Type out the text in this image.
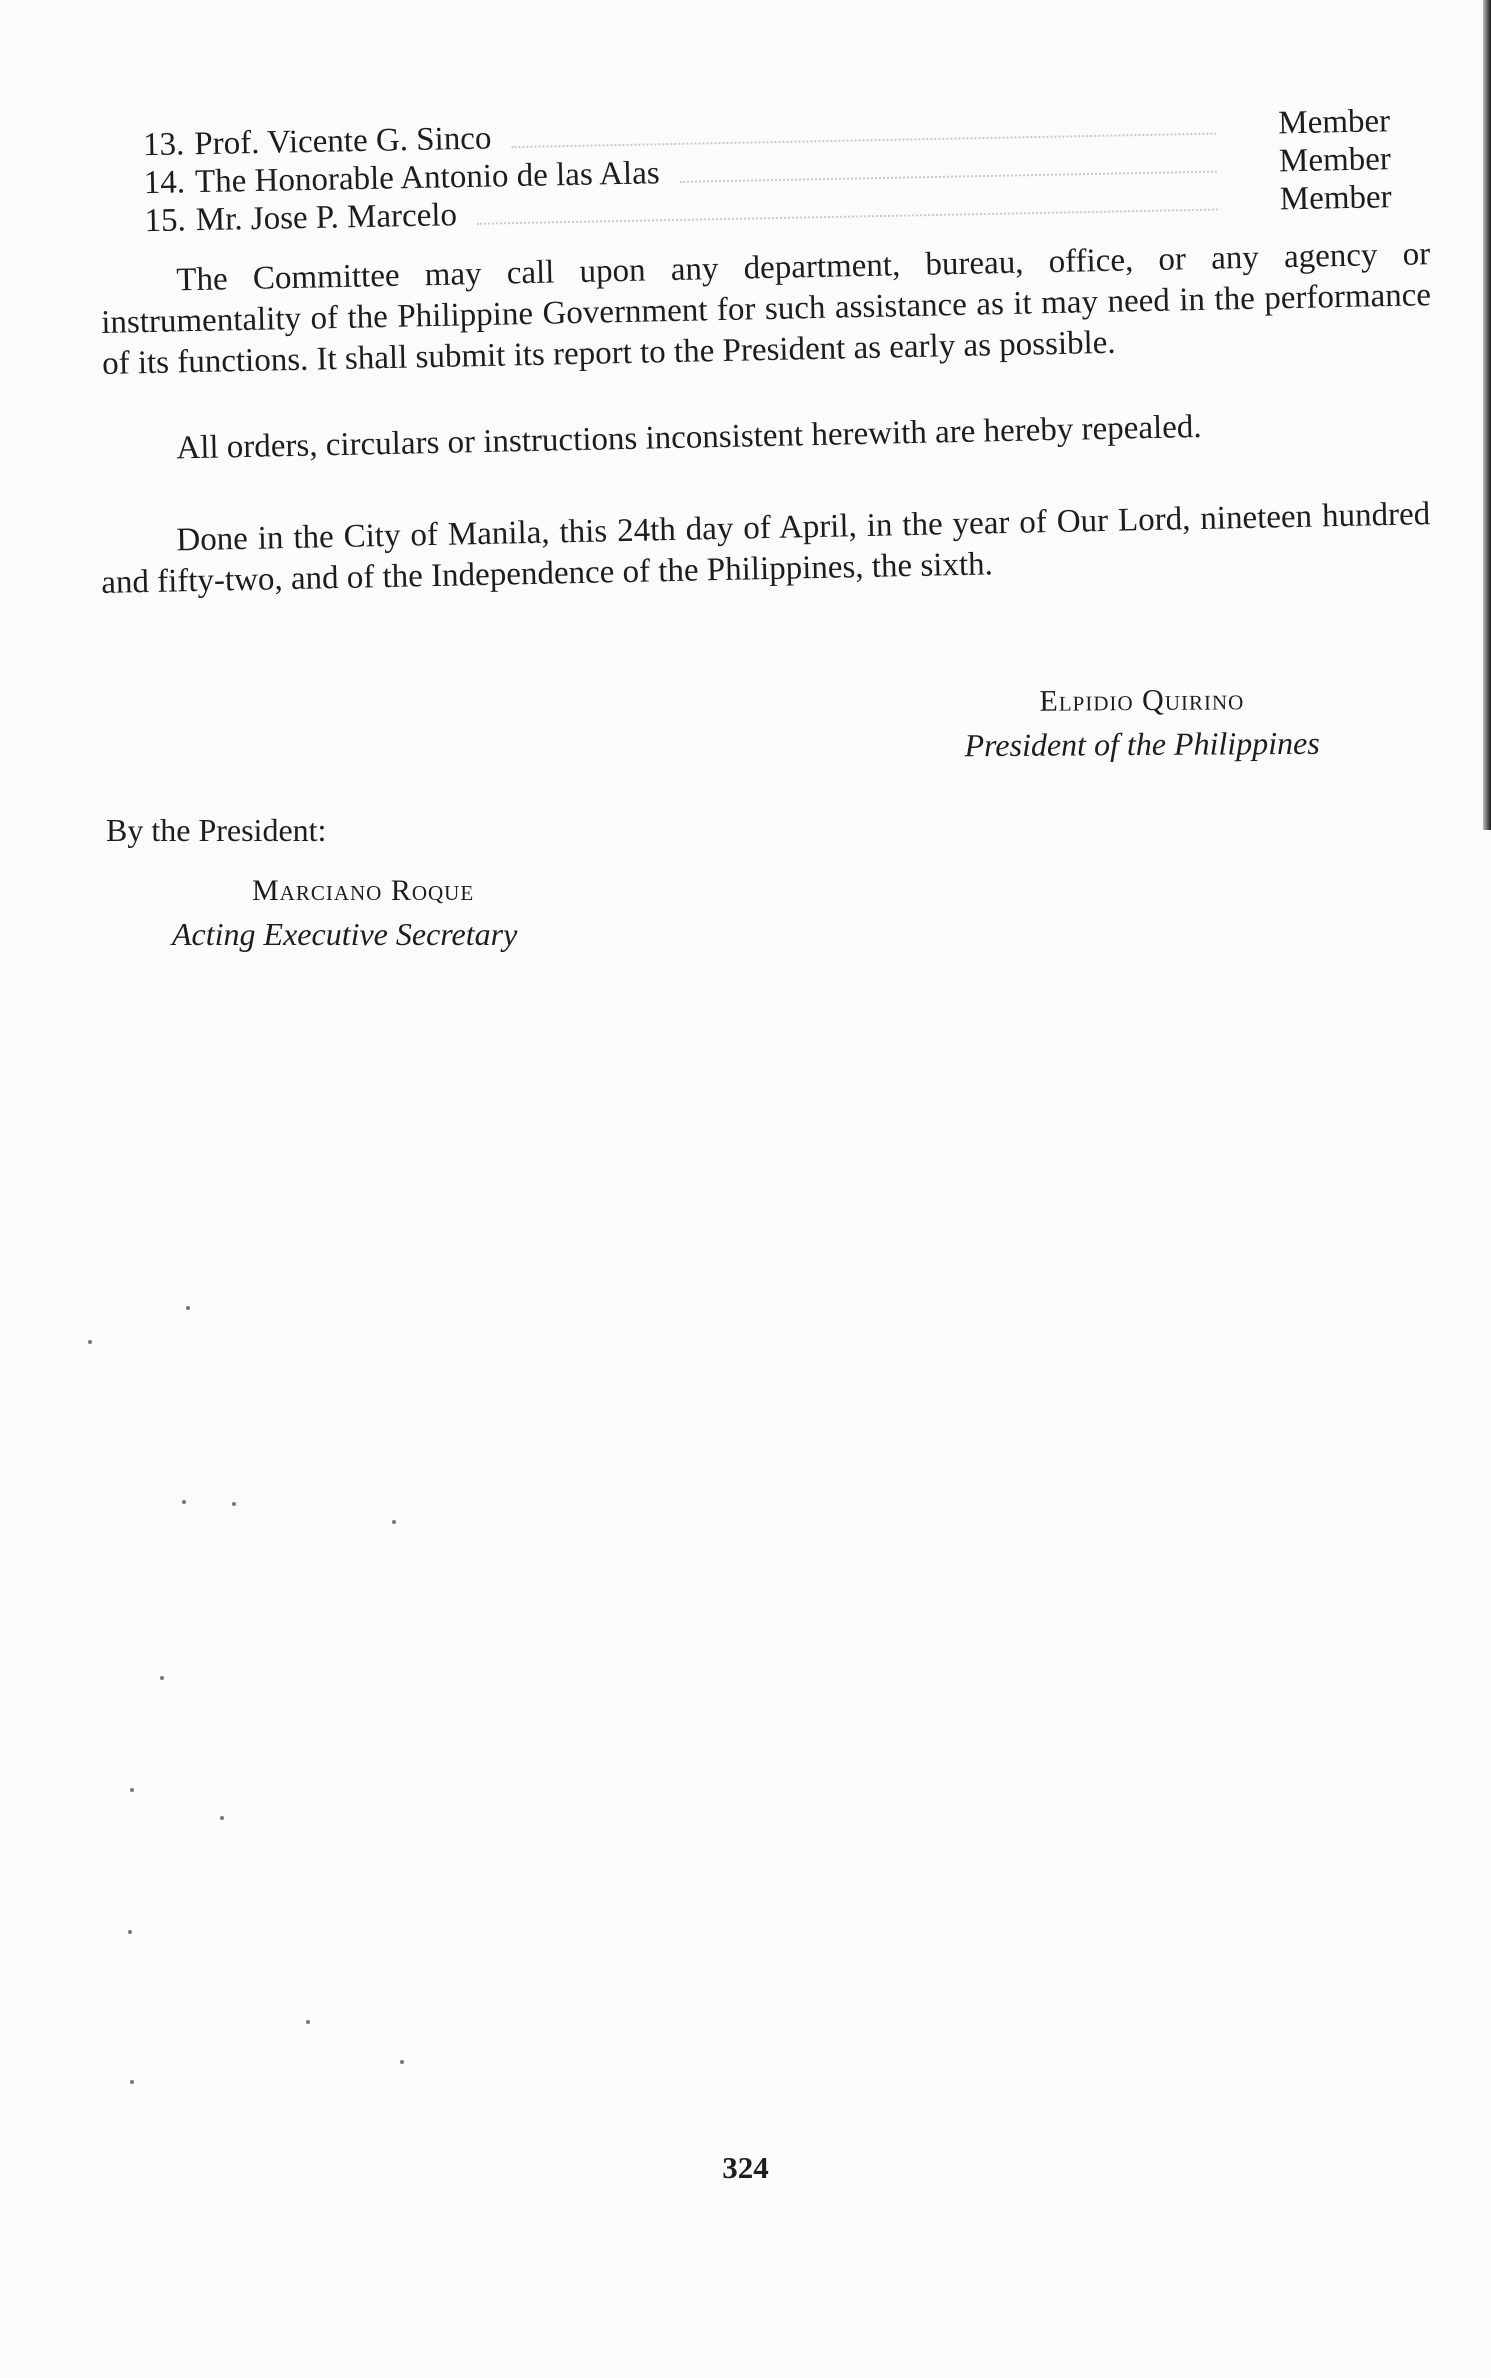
13. Prof. Vicente G. Sinco	Member
14. The Honorable Antonio de las Alas	Member
15. Mr. Jose P. Marcelo	Member

The Committee may call upon any department, bureau, office, or any agency or instrumentality of the Philippine Government for such assistance as it may need in the performance of its functions. It shall submit its report to the President as early as possible.

All orders, circulars or instructions inconsistent herewith are hereby repealed.

Done in the City of Manila, this 24th day of April, in the year of Our Lord, nineteen hundred and fifty-two, and of the Independence of the Philippines, the sixth.

Elpidio Quirino
President of the Philippines
By the President:
Marciano Roque
Acting Executive Secretary
324
